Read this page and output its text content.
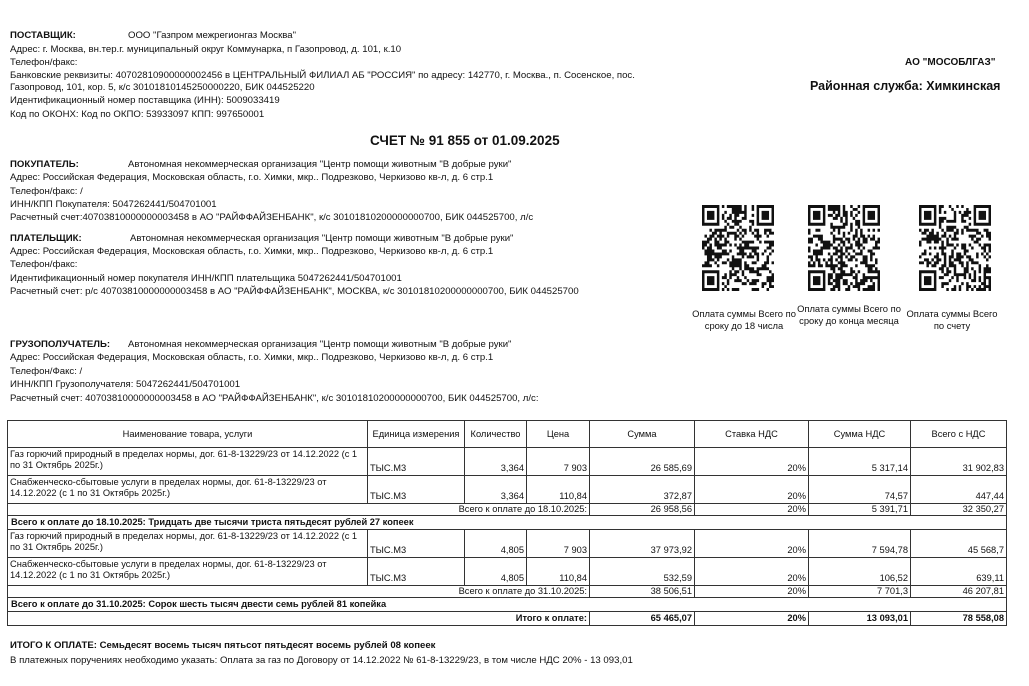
ПОСТАВЩИК:	ООО "Газпром межрегионгаз Москва"
Адрес: г. Москва, вн.тер.г. муниципальный округ Коммунарка, п Газопровод, д. 101, к.10
Телефон/факс:
Банковские реквизиты: 40702810900000002456 в ЦЕНТРАЛЬНЫЙ ФИЛИАЛ АБ "РОССИЯ" по адресу: 142770, г. Москва., п. Сосенское, пос.
Газопровод, 101, кор. 5, к/с 30101810145250000220, БИК 044525220
Идентификационный номер поставщика (ИНН): 5009033419
Код по ОКОНХ: Код по ОКПО: 53933097 КПП: 997650001
АО "МОСОБЛГАЗ"
Районная служба: Химкинская
СЧЕТ № 91 855 от 01.09.2025
ПОКУПАТЕЛЬ:	Автономная некоммерческая организация "Центр помощи животным "В добрые руки"
Адрес: Российская Федерация, Московская область, г.о. Химки, мкр.. Подрезково, Черкизово кв-л, д. 6 стр.1
Телефон/факс: /
ИНН/КПП Покупателя: 5047262441/504701001
Расчетный счет:40703810000000003458 в АО "РАЙФФАЙЗЕНБАНК", к/с 30101810200000000700, БИК 044525700, л/с
ПЛАТЕЛЬЩИК:	Автономная некоммерческая организация "Центр помощи животным "В добрые руки"
Адрес: Российская Федерация, Московская область, г.о. Химки, мкр.. Подрезково, Черкизово кв-л, д. 6 стр.1
Телефон/факс:
Идентификационный номер покупателя ИНН/КПП плательщика 5047262441/504701001
Расчетный счет: р/с 40703810000000003458 в АО "РАЙФФАЙЗЕНБАНК", МОСКВА, к/с 30101810200000000700, БИК 044525700
ГРУЗОПОЛУЧАТЕЛЬ: Автономная некоммерческая организация "Центр помощи животным "В добрые руки"
Адрес: Российская Федерация, Московская область, г.о. Химки, мкр.. Подрезково, Черкизово кв-л, д. 6 стр.1
Телефон/Факс: /
ИНН/КПП Грузополучателя: 5047262441/504701001
Расчетный счет: 40703810000000003458 в АО "РАЙФФАЙЗЕНБАНК", к/с 30101810200000000700, БИК 044525700, л/с:
Оплата суммы Всего по сроку до 18 числа
Оплата суммы Всего по сроку до конца месяца
Оплата суммы Всего по счету
Наименование товара, услуги	Единица измерения	Количество	Цена	Сумма	Ставка НДС	Сумма НДС	Всего с НДС
Газ горючий природный в пределах нормы, дог. 61-8-13229/23 от 14.12.2022 (с 1 по 31 Октябрь 2025г.)	ТЫС.М3	3,364	7 903	26 585,69	20%	5 317,14	31 902,83
Снабженческо-сбытовые услуги в пределах нормы, дог. 61-8-13229/23 от 14.12.2022 (с 1 по 31 Октябрь 2025г.)	ТЫС.М3	3,364	110,84	372,87	20%	74,57	447,44
Всего к оплате до 18.10.2025:				26 958,56	20%	5 391,71	32 350,27
Всего к оплате до 18.10.2025: Тридцать две тысячи триста пятьдесят рублей 27 копеек							
Газ горючий природный в пределах нормы, дог. 61-8-13229/23 от 14.12.2022 (с 1 по 31 Октябрь 2025г.)	ТЫС.М3	4,805	7 903	37 973,92	20%	7 594,78	45 568,7
Снабженческо-сбытовые услуги в пределах нормы, дог. 61-8-13229/23 от 14.12.2022 (с 1 по 31 Октябрь 2025г.)	ТЫС.М3	4,805	110,84	532,59	20%	106,52	639,11
Всего к оплате до 31.10.2025:				38 506,51	20%	7 701,3	46 207,81
Всего к оплате до 31.10.2025: Сорок шесть тысяч двести семь рублей 81 копейка							
Итого к оплате:				65 465,07	20%	13 093,01	78 558,08
ИТОГО К ОПЛАТЕ: Семьдесят восемь тысяч пятьсот пятьдесят восемь рублей 08 копеек
В платежных поручениях необходимо указать: Оплата за газ по Договору от 14.12.2022 № 61-8-13229/23, в том числе НДС 20% - 13 093,01
